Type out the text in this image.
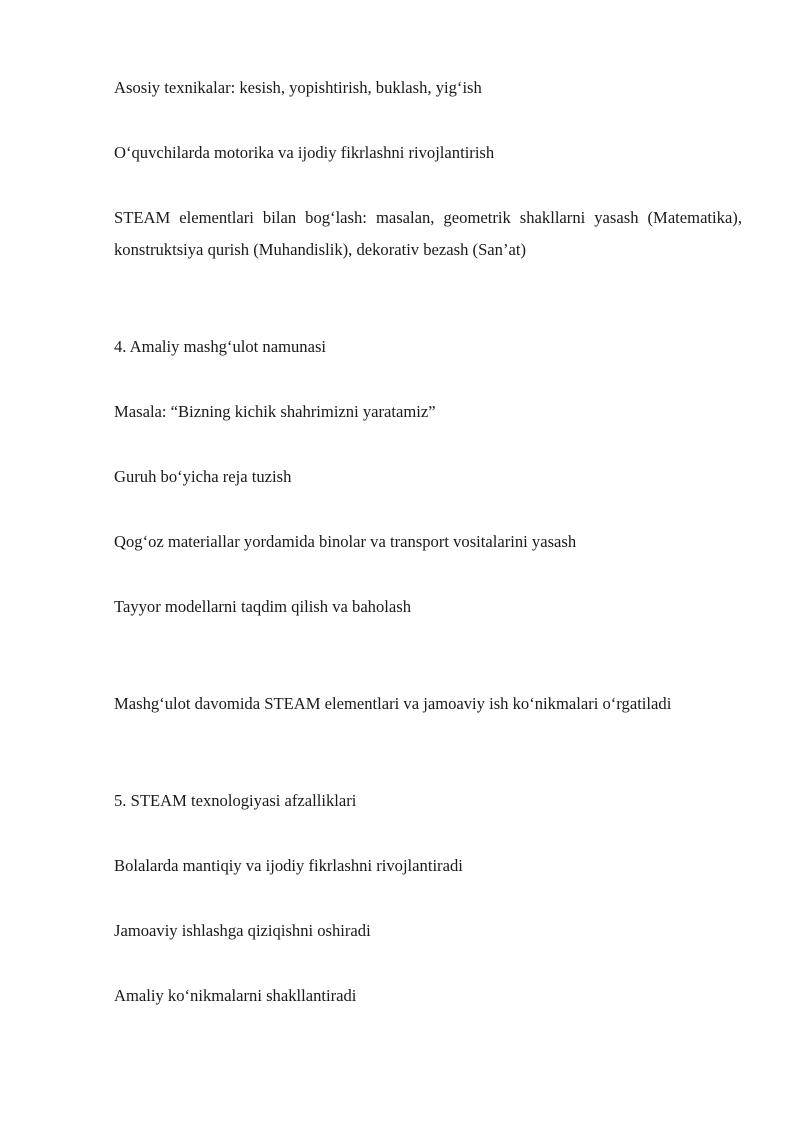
Asosiy texnikalar: kesish, yopishtirish, buklash, yig‘ish

O‘quvchilarda motorika va ijodiy fikrlashni rivojlantirish

STEAM elementlari bilan bog‘lash: masalan, geometrik shakllarni yasash (Matematika), konstruktsiya qurish (Muhandislik), dekorativ bezash (San’at)

4. Amaliy mashg‘ulot namunasi

Masala: “Bizning kichik shahrimizni yaratamiz”

Guruh bo‘yicha reja tuzish

Qog‘oz materiallar yordamida binolar va transport vositalarini yasash

Tayyor modellarni taqdim qilish va baholash

Mashg‘ulot davomida STEAM elementlari va jamoaviy ish ko‘nikmalari o‘rgatiladi

5. STEAM texnologiyasi afzalliklari

Bolalarda mantiqiy va ijodiy fikrlashni rivojlantiradi

Jamoaviy ishlashga qiziqishni oshiradi

Amaliy ko‘nikmalarni shakllantiradi
